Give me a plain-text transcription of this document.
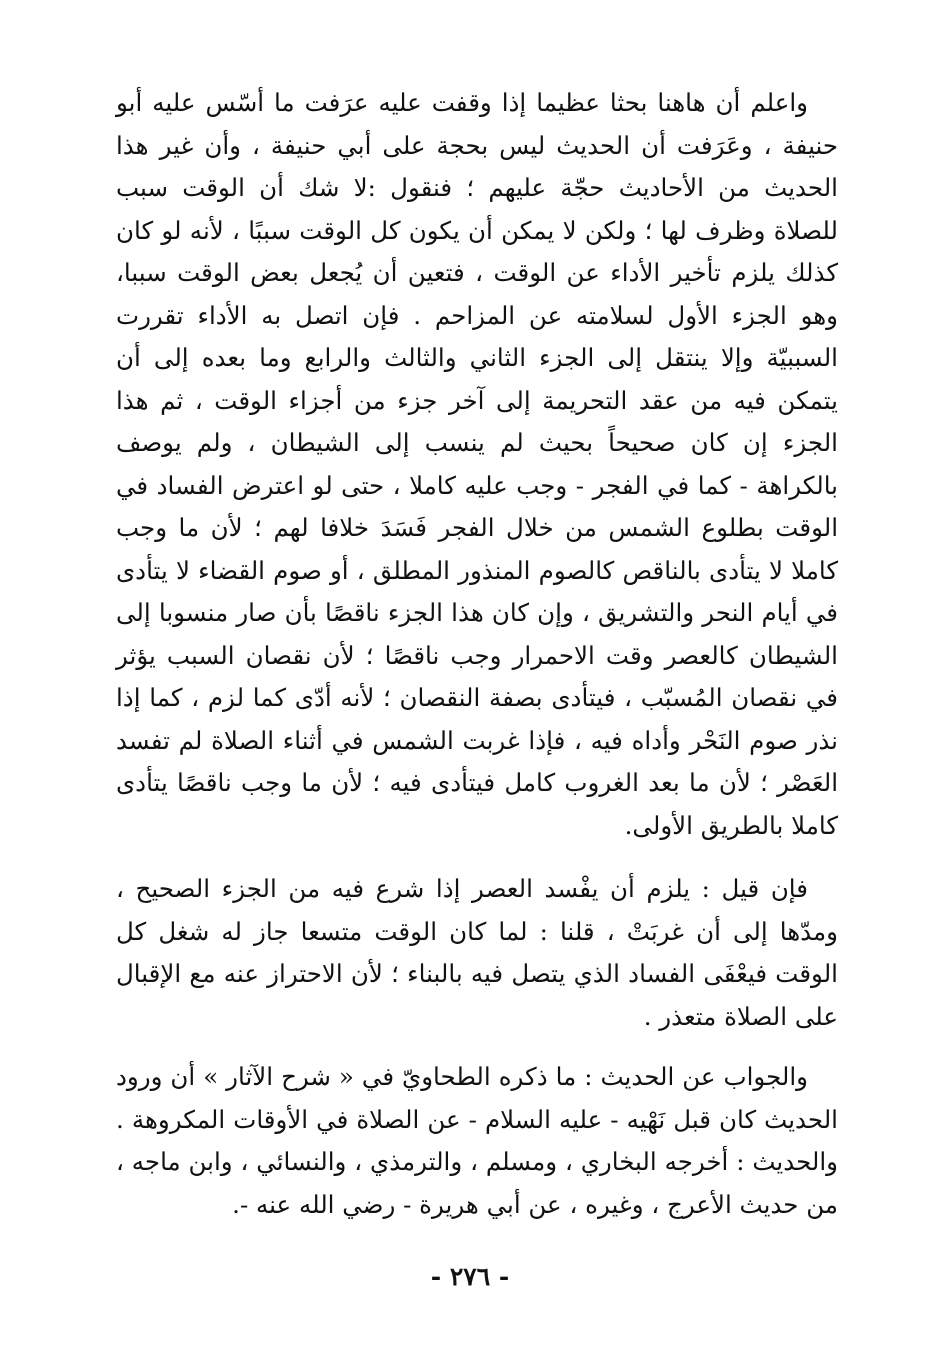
واعلم أن هاهنا بحثا عظيما إذا وقفت عليه عرَفت ما أسّس عليه أبو حنيفة ، وعَرَفت أن الحديث ليس بحجة على أبي حنيفة ، وأن غير هذا الحديث من الأحاديث حجّة عليهم ؛ فنقول :لا شك أن الوقت سبب للصلاة وظرف لها ؛ ولكن لا يمكن أن يكون كل الوقت سببًا ، لأنه لو كان كذلك يلزم تأخير الأداء عن الوقت ، فتعين أن يُجعل بعض الوقت سببا، وهو الجزء الأول لسلامته عن المزاحم . فإن اتصل به الأداء تقررت السببيّة وإلا ينتقل إلى الجزء الثاني والثالث والرابع وما بعده إلى أن يتمكن فيه من عقد التحريمة إلى آخر جزء من أجزاء الوقت ، ثم هذا الجزء إن كان صحيحاً بحيث لم ينسب إلى الشيطان ، ولم يوصف بالكراهة - كما في الفجر - وجب عليه كاملا ، حتى لو اعترض الفساد في الوقت بطلوع الشمس من خلال الفجر فَسَدَ خلافا لهم ؛ لأن ما وجب كاملا لا يتأدى بالناقص كالصوم المنذور المطلق ، أو صوم القضاء لا يتأدى في أيام النحر والتشريق ، وإن كان هذا الجزء ناقصًا بأن صار منسوبا إلى الشيطان كالعصر وقت الاحمرار وجب ناقصًا ؛ لأن نقصان السبب يؤثر في نقصان المُسبّب ، فيتأدى بصفة النقصان ؛ لأنه أدّى كما لزم ، كما إذا نذر صوم النَحْر وأداه فيه ، فإذا غربت الشمس في أثناء الصلاة لم تفسد العَصْر ؛ لأن ما بعد الغروب كامل فيتأدى فيه ؛ لأن ما وجب ناقصًا يتأدى كاملا بالطريق الأولى.

فإن قيل : يلزم أن يفْسد العصر إذا شرع فيه من الجزء الصحيح ، ومدّها إلى أن غربَتْ ، قلنا : لما كان الوقت متسعا جاز له شغل كل الوقت فيعْفَى الفساد الذي يتصل فيه بالبناء ؛ لأن الاحتراز عنه مع الإقبال على الصلاة متعذر .

والجواب عن الحديث : ما ذكره الطحاويّ في « شرح الآثار » أن ورود الحديث كان قبل نَهْيه - عليه السلام - عن الصلاة في الأوقات المكروهة . والحديث : أخرجه البخاري ، ومسلم ، والترمذي ، والنسائي ، وابن ماجه ، من حديث الأعرج ، وغيره ، عن أبي هريرة - رضي الله عنه -.

- ٢٧٦ -
